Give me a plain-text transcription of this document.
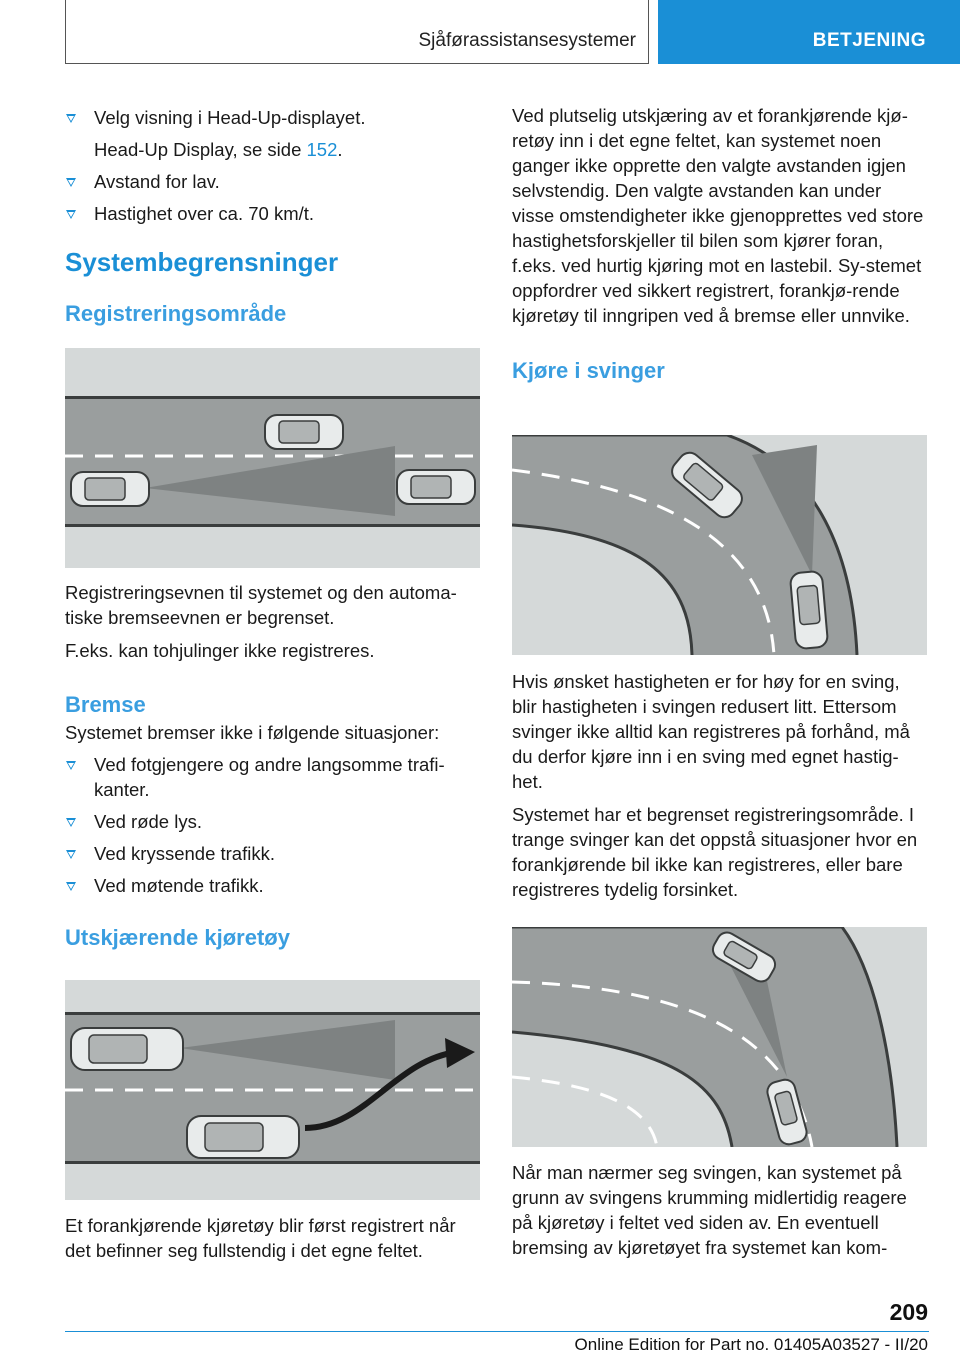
Sjåførassistansesystemer	BETJENING
Velg visning i Head-Up-displayet.
Head-Up Display, se side 152.
Avstand for lav.
Hastighet over ca. 70 km/t.
Systembegrensninger
Registreringsområde
Registreringsevnen til systemet og den automa-tiske bremseevnen er begrenset.
F.eks. kan tohjulinger ikke registreres.
Bremse
Systemet bremser ikke i følgende situasjoner:
Ved fotgjengere og andre langsomme trafi-kanter.
Ved røde lys.
Ved kryssende trafikk.
Ved møtende trafikk.
Utskjærende kjøretøy
Et forankjørende kjøretøy blir først registrert når det befinner seg fullstendig i det egne feltet.
Ved plutselig utskjæring av et forankjørende kjø-retøy inn i det egne feltet, kan systemet noen ganger ikke opprette den valgte avstanden igjen selvstendig. Den valgte avstanden kan under visse omstendigheter ikke gjenopprettes ved store hastighetsforskjeller til bilen som kjører foran, f.eks. ved hurtig kjøring mot en lastebil. Sy-stemet oppfordrer ved sikkert registrert, forankjø-rende kjøretøy til inngripen ved å bremse eller unnvike.
Kjøre i svinger
Hvis ønsket hastigheten er for høy for en sving, blir hastigheten i svingen redusert litt. Ettersom svinger ikke alltid kan registreres på forhånd, må du derfor kjøre inn i en sving med egnet hastig-het.
Systemet har et begrenset registreringsområde. I trange svinger kan det oppstå situasjoner hvor en forankjørende bil ikke kan registreres, eller bare registreres tydelig forsinket.
Når man nærmer seg svingen, kan systemet på grunn av svingens krumming midlertidig reagere på kjøretøy i feltet ved siden av. En eventuell bremsing av kjøretøyet fra systemet kan kom-
209
Online Edition for Part no. 01405A03527 - II/20
